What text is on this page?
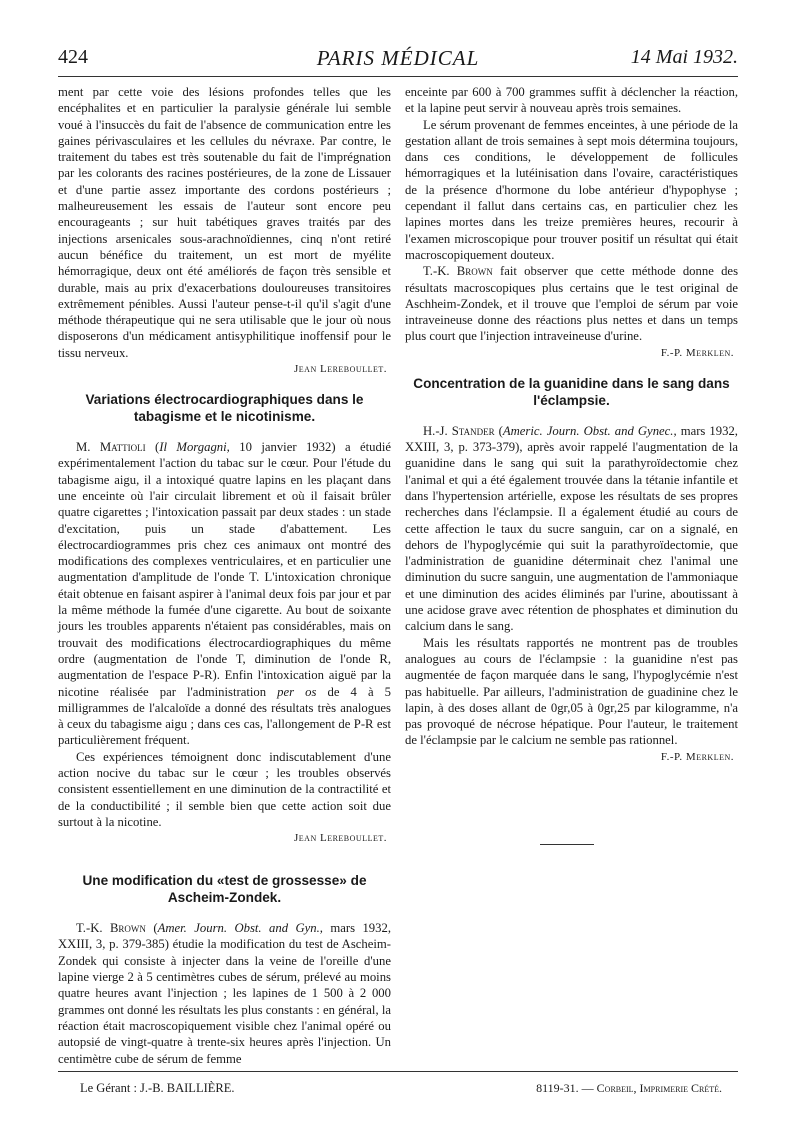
424	PARIS MÉDICAL	14 Mai 1932.

ment par cette voie des lésions profondes telles que les encéphalites et en particulier la paralysie générale lui semble voué à l'insuccès du fait de l'absence de communication entre les gaines périvasculaires et les cellules du névraxe. Par contre, le traitement du tabes est très soutenable du fait de l'imprégnation par les colorants des racines postérieures, de la zone de Lissauer et d'une partie assez importante des cordons postérieurs ; malheureusement les essais de l'auteur sont encore peu encourageants ; sur huit tabétiques graves traités par des injections arsenicales sous-arachnoïdiennes, cinq n'ont retiré aucun bénéfice du traitement, un est mort de myélite hémorragique, deux ont été améliorés de façon très sensible et durable, mais au prix d'exacerbations douloureuses transitoires extrêmement pénibles. Aussi l'auteur pense-t-il qu'il s'agit d'une méthode thérapeutique qui ne sera utilisable que le jour où nous disposerons d'un médicament antisyphilitique inoffensif pour le tissu nerveux.

Jean Lereboullet.
Variations électrocardiographiques dans le tabagisme et le nicotinisme.

M. Mattioli (Il Morgagni, 10 janvier 1932) a étudié expérimentalement l'action du tabac sur le cœur. Pour l'étude du tabagisme aigu, il a intoxiqué quatre lapins en les plaçant dans une enceinte où l'air circulait librement et où il faisait brûler quatre cigarettes ; l'intoxication passait par deux stades : un stade d'excitation, puis un stade d'abattement. Les électrocardiogrammes pris chez ces animaux ont montré des modifications des complexes ventriculaires, et en particulier une augmentation d'amplitude de l'onde T. L'intoxication chronique était obtenue en faisant aspirer à l'animal deux fois par jour et par la même méthode la fumée d'une cigarette. Au bout de soixante jours les troubles apparents n'étaient pas considérables, mais on trouvait des modifications électrocardiographiques du même ordre (augmentation de l'onde T, diminution de l'onde R, augmentation de l'espace P-R). Enfin l'intoxication aiguë par la nicotine réalisée par l'administration per os de 4 à 5 milligrammes de l'alcaloïde a donné des résultats très analogues à ceux du tabagisme aigu ; dans ces cas, l'allongement de P-R est particulièrement fréquent.

Ces expériences témoignent donc indiscutablement d'une action nocive du tabac sur le cœur ; les troubles observés consistent essentiellement en une diminution de la contractilité et de la conductibilité ; il semble bien que cette action soit due surtout à la nicotine.

Jean Lereboullet.
Une modification du «test de grossesse» de Ascheim-Zondek.

T.-K. Brown (Amer. Journ. Obst. and Gyn., mars 1932, XXIII, 3, p. 379-385) étudie la modification du test de Ascheim-Zondek qui consiste à injecter dans la veine de l'oreille d'une lapine vierge 2 à 5 centimètres cubes de sérum, prélevé au moins quatre heures avant l'injection ; les lapines de 1 500 à 2 000 grammes ont donné les résultats les plus constants : en général, la réaction était macroscopiquement visible chez l'animal opéré ou autopsié de vingt-quatre à trente-six heures après l'injection. Un centimètre cube de sérum de femme

enceinte par 600 à 700 grammes suffit à déclencher la réaction, et la lapine peut servir à nouveau après trois semaines.

Le sérum provenant de femmes enceintes, à une période de la gestation allant de trois semaines à sept mois détermina toujours, dans ces conditions, le développement de follicules hémorragiques et la lutéinisation dans l'ovaire, caractéristiques de la présence d'hormone du lobe antérieur d'hypophyse ; cependant il fallut dans certains cas, en particulier chez les lapines mortes dans les treize premières heures, recourir à l'examen microscopique pour trouver positif un résultat qui était macroscopiquement douteux.

T.-K. Brown fait observer que cette méthode donne des résultats macroscopiques plus certains que le test original de Aschheim-Zondek, et il trouve que l'emploi de sérum par voie intraveineuse donne des réactions plus nettes et dans un temps plus court que l'injection intraveineuse d'urine.

F.-P. Merklen.
Concentration de la guanidine dans le sang dans l'éclampsie.

H.-J. Stander (Americ. Journ. Obst. and Gynec., mars 1932, XXIII, 3, p. 373-379), après avoir rappelé l'augmentation de la guanidine dans le sang qui suit la parathyroïdectomie chez l'animal et qui a été également trouvée dans la tétanie infantile et dans l'hypertension artérielle, expose les résultats de ses propres recherches dans l'éclampsie. Il a également étudié au cours de cette affection le taux du sucre sanguin, car on a signalé, en dehors de l'hypoglycémie qui suit la parathyroïdectomie, que l'administration de guanidine déterminait chez l'animal une diminution du sucre sanguin, une augmentation de l'ammoniaque et une diminution des acides éliminés par l'urine, aboutissant à une acidose grave avec rétention de phosphates et diminution du calcium dans le sang.

Mais les résultats rapportés ne montrent pas de troubles analogues au cours de l'éclampsie : la guanidine n'est pas augmentée de façon marquée dans le sang, l'hypoglycémie n'est pas habituelle. Par ailleurs, l'administration de guadinine chez le lapin, à des doses allant de 0gr,05 à 0gr,25 par kilogramme, n'a pas provoqué de nécrose hépatique. Pour l'auteur, le traitement de l'éclampsie par le calcium ne semble pas rationnel.

F.-P. Merklen.
Le Gérant : J.-B. BAILLIÈRE.	8119-31. — Corbeil, Imprimerie Crété.
